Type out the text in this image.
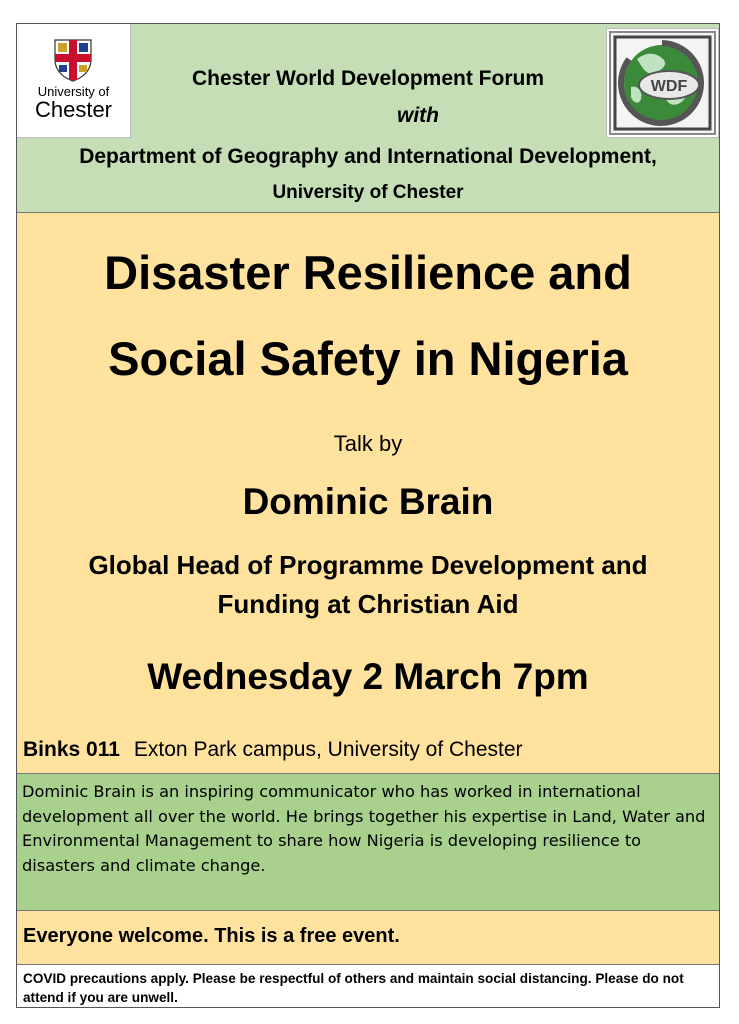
University of
Chester
WDF
Chester World Development Forum
with
Department of Geography and International Development,
University of Chester
Disaster Resilience and
Social Safety in Nigeria
Talk by
Dominic Brain
Global Head of Programme Development and
Funding at Christian Aid
Wednesday 2 March 7pm
Binks 011 Exton Park campus, University of Chester
Dominic Brain is an inspiring communicator who has worked in international development all over the world. He brings together his expertise in Land, Water and Environmental Management to share how Nigeria is developing resilience to disasters and climate change.
Everyone welcome. This is a free event.
COVID precautions apply. Please be respectful of others and maintain social distancing. Please do not attend if you are unwell.
